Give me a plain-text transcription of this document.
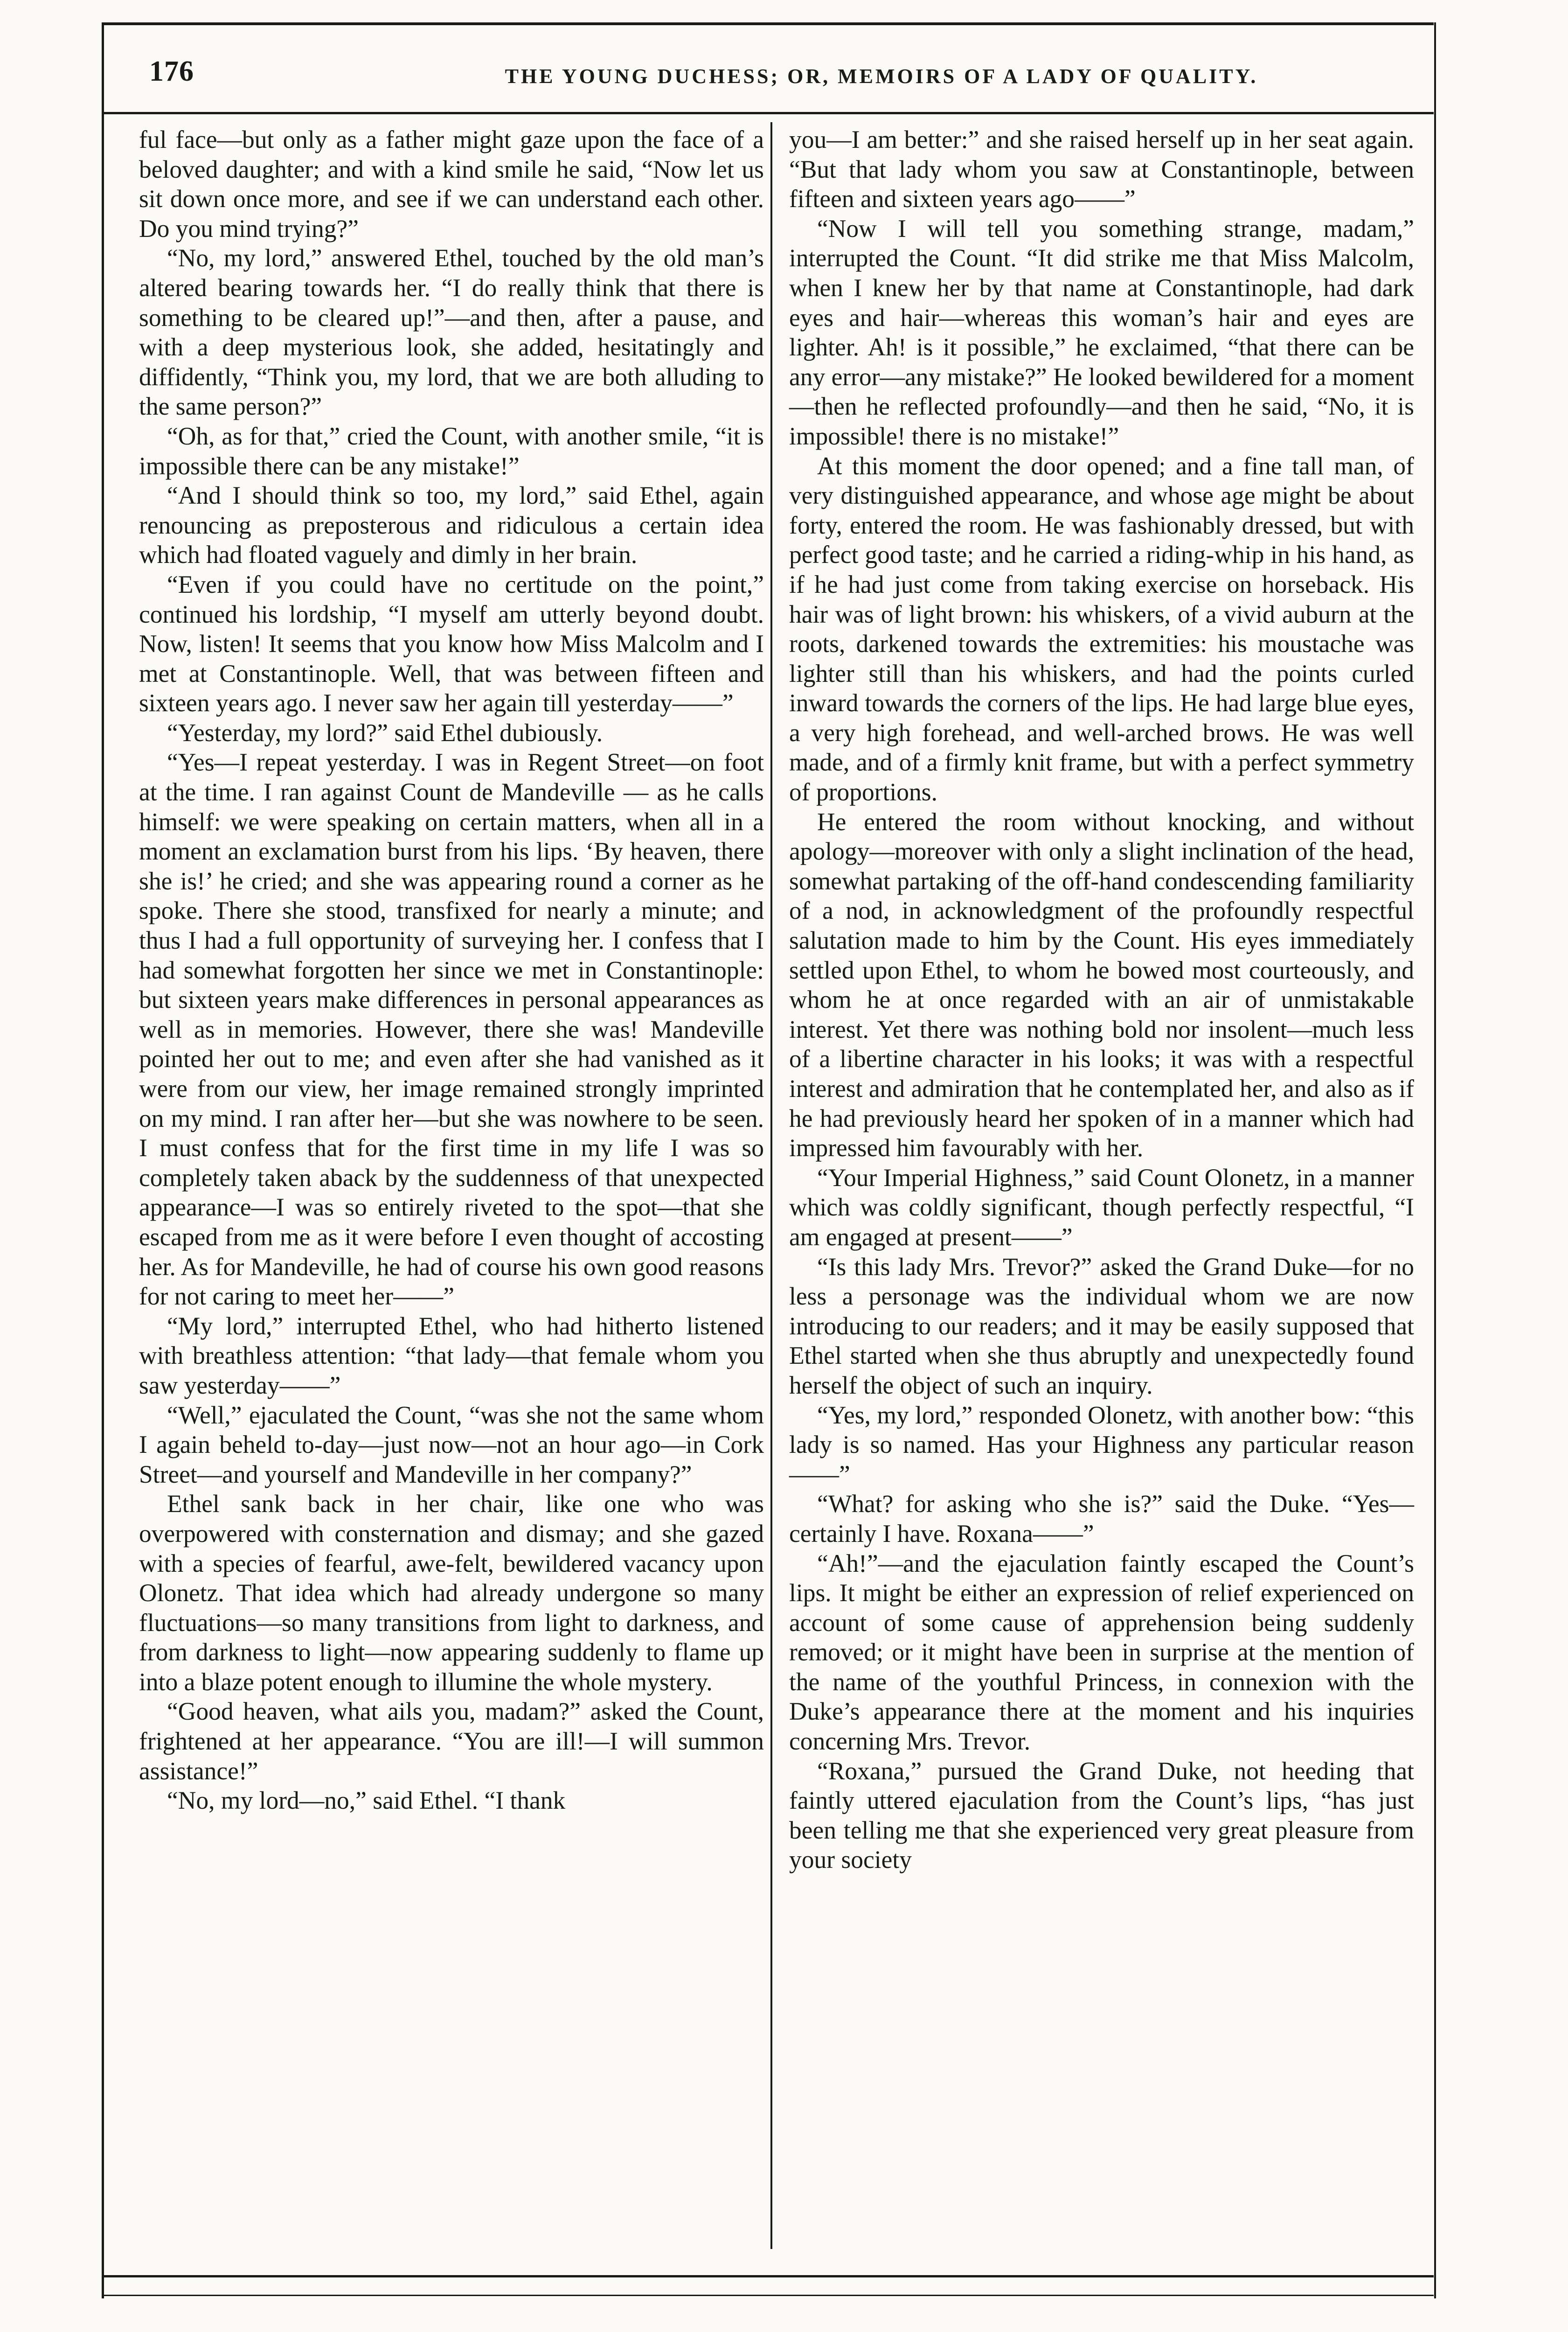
176	THE YOUNG DUCHESS; OR, MEMOIRS OF A LADY OF QUALITY.

ful face—but only as a father might gaze upon the face of a beloved daughter; and with a kind smile he said, “Now let us sit down once more, and see if we can understand each other. Do you mind trying?”

“No, my lord,” answered Ethel, touched by the old man’s altered bearing towards her. “I do really think that there is something to be cleared up!”—and then, after a pause, and with a deep mysterious look, she added, hesitatingly and diffidently, “Think you, my lord, that we are both alluding to the same person?”

“Oh, as for that,” cried the Count, with another smile, “it is impossible there can be any mistake!”

“And I should think so too, my lord,” said Ethel, again renouncing as preposterous and ridiculous a certain idea which had floated vaguely and dimly in her brain.

“Even if you could have no certitude on the point,” continued his lordship, “I myself am utterly beyond doubt. Now, listen! It seems that you know how Miss Malcolm and I met at Constantinople. Well, that was between fifteen and sixteen years ago. I never saw her again till yesterday——”

“Yesterday, my lord?” said Ethel dubiously.

“Yes—I repeat yesterday. I was in Regent Street—on foot at the time. I ran against Count de Mandeville — as he calls himself: we were speaking on certain matters, when all in a moment an exclamation burst from his lips. ‘By heaven, there she is!’ he cried; and she was appearing round a corner as he spoke. There she stood, transfixed for nearly a minute; and thus I had a full opportunity of surveying her. I confess that I had somewhat forgotten her since we met in Constantinople: but sixteen years make differences in personal appearances as well as in memories. However, there she was! Mandeville pointed her out to me; and even after she had vanished as it were from our view, her image remained strongly imprinted on my mind. I ran after her—but she was nowhere to be seen. I must confess that for the first time in my life I was so completely taken aback by the suddenness of that unexpected appearance—I was so entirely riveted to the spot—that she escaped from me as it were before I even thought of accosting her. As for Mandeville, he had of course his own good reasons for not caring to meet her——”

“My lord,” interrupted Ethel, who had hitherto listened with breathless attention: “that lady—that female whom you saw yesterday——”

“Well,” ejaculated the Count, “was she not the same whom I again beheld to-day—just now—not an hour ago—in Cork Street—and yourself and Mandeville in her company?”

Ethel sank back in her chair, like one who was overpowered with consternation and dismay; and she gazed with a species of fearful, awe-felt, bewildered vacancy upon Olonetz. That idea which had already undergone so many fluctuations—so many transitions from light to darkness, and from darkness to light—now appearing suddenly to flame up into a blaze potent enough to illumine the whole mystery.

“Good heaven, what ails you, madam?” asked the Count, frightened at her appearance. “You are ill!—I will summon assistance!”

“No, my lord—no,” said Ethel. “I thank

you—I am better:” and she raised herself up in her seat again. “But that lady whom you saw at Constantinople, between fifteen and sixteen years ago——”

“Now I will tell you something strange, madam,” interrupted the Count. “It did strike me that Miss Malcolm, when I knew her by that name at Constantinople, had dark eyes and hair—whereas this woman’s hair and eyes are lighter. Ah! is it possible,” he exclaimed, “that there can be any error—any mistake?” He looked bewildered for a moment—then he reflected profoundly—and then he said, “No, it is impossible! there is no mistake!”

At this moment the door opened; and a fine tall man, of very distinguished appearance, and whose age might be about forty, entered the room. He was fashionably dressed, but with perfect good taste; and he carried a riding-whip in his hand, as if he had just come from taking exercise on horseback. His hair was of light brown: his whiskers, of a vivid auburn at the roots, darkened towards the extremities: his moustache was lighter still than his whiskers, and had the points curled inward towards the corners of the lips. He had large blue eyes, a very high forehead, and well-arched brows. He was well made, and of a firmly knit frame, but with a perfect symmetry of proportions.

He entered the room without knocking, and without apology—moreover with only a slight inclination of the head, somewhat partaking of the off-hand condescending familiarity of a nod, in acknowledgment of the profoundly respectful salutation made to him by the Count. His eyes immediately settled upon Ethel, to whom he bowed most courteously, and whom he at once regarded with an air of unmistakable interest. Yet there was nothing bold nor insolent—much less of a libertine character in his looks; it was with a respectful interest and admiration that he contemplated her, and also as if he had previously heard her spoken of in a manner which had impressed him favourably with her.

“Your Imperial Highness,” said Count Olonetz, in a manner which was coldly significant, though perfectly respectful, “I am engaged at present——”

“Is this lady Mrs. Trevor?” asked the Grand Duke—for no less a personage was the individual whom we are now introducing to our readers; and it may be easily supposed that Ethel started when she thus abruptly and unexpectedly found herself the object of such an inquiry.

“Yes, my lord,” responded Olonetz, with another bow: “this lady is so named. Has your Highness any particular reason——”

“What? for asking who she is?” said the Duke. “Yes—certainly I have. Roxana——”

“Ah!”—and the ejaculation faintly escaped the Count’s lips. It might be either an expression of relief experienced on account of some cause of apprehension being suddenly removed; or it might have been in surprise at the mention of the name of the youthful Princess, in connexion with the Duke’s appearance there at the moment and his inquiries concerning Mrs. Trevor.

“Roxana,” pursued the Grand Duke, not heeding that faintly uttered ejaculation from the Count’s lips, “has just been telling me that she experienced very great pleasure from your society
